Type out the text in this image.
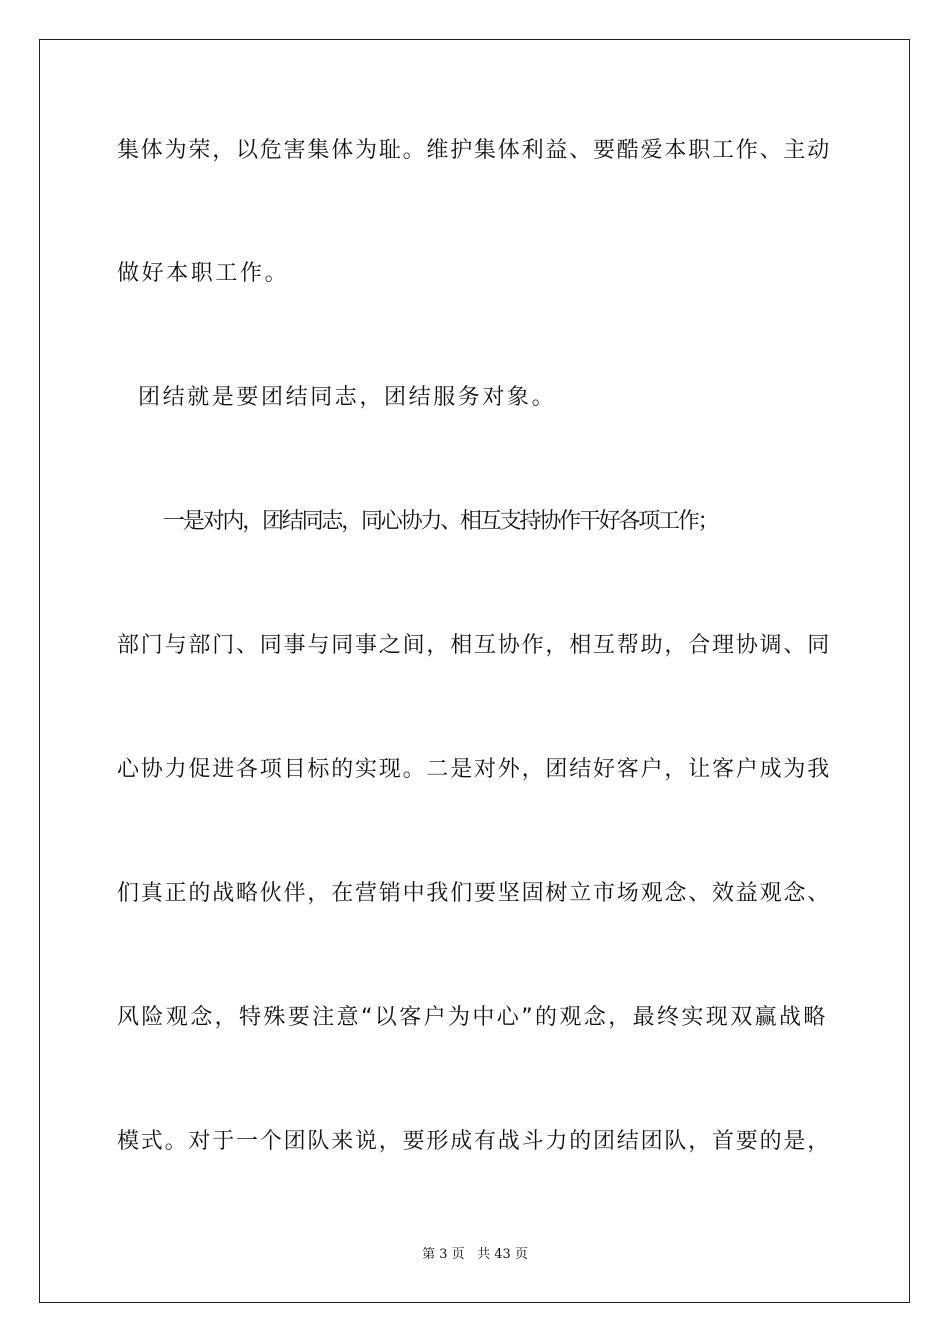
集体为荣，以危害集体为耻。维护集体利益、要酷爱本职工作、主动
做好本职工作。
团结就是要团结同志，团结服务对象。
一是对内，团结同志，同心协力、相互支持协作干好各项工作；
部门与部门、同事与同事之间，相互协作，相互帮助，合理协调、同
心协力促进各项目标的实现。二是对外，团结好客户，让客户成为我
们真正的战略伙伴，在营销中我们要坚固树立市场观念、效益观念、
风险观念，特殊要注意“以客户为中心”的观念，最终实现双赢战略
模式。对于一个团队来说，要形成有战斗力的团结团队，首要的是，
第 3 页 共 43 页
